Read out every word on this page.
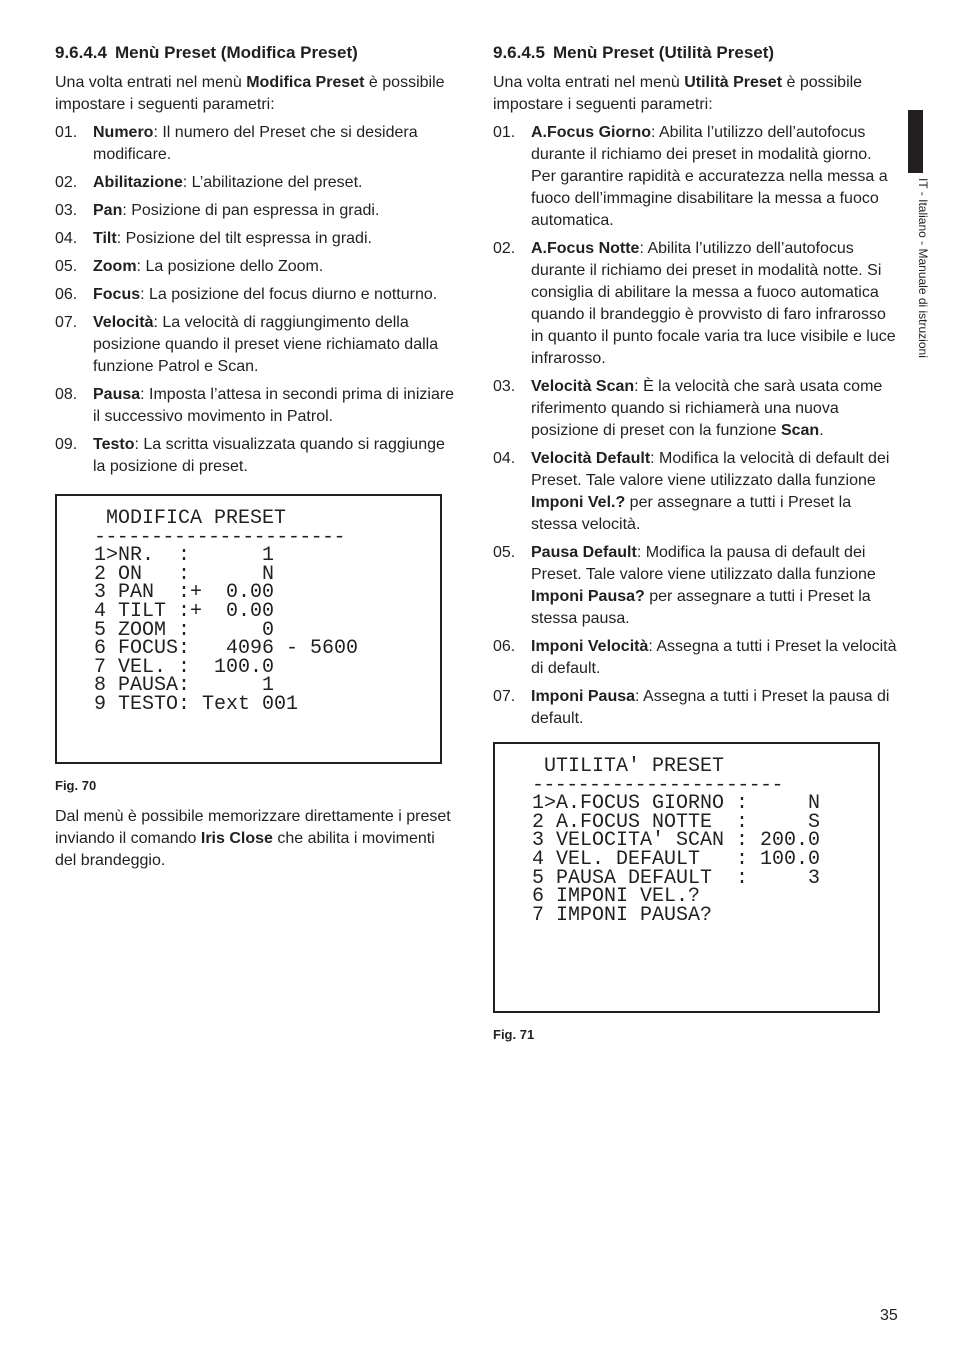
9.6.4.4 Menù Preset (Modifica Preset)

Una volta entrati nel menù Modifica Preset è possibile impostare i seguenti parametri:

01. Numero: Il numero del Preset che si desidera modificare.
02. Abilitazione: L’abilitazione del preset.
03. Pan: Posizione di pan espressa in gradi.
04. Tilt: Posizione del tilt espressa in gradi.
05. Zoom: La posizione dello Zoom.
06. Focus: La posizione del focus diurno e notturno.
07. Velocità: La velocità di raggiungimento della posizione quando il preset viene richiamato dalla funzione Patrol e Scan.
08. Pausa: Imposta l’attesa in secondi prima di iniziare il successivo movimento in Patrol.
09. Testo: La scritta visualizzata quando si raggiunge la posizione di preset.
MODIFICA PRESET
----------------------
1>NR.  :      1
2 ON   :      N
3 PAN  :+  0.00
4 TILT :+  0.00
5 ZOOM :      0
6 FOCUS:   4096 - 5600
7 VEL. :  100.0
8 PAUSA:      1
9 TESTO: Text 001
Fig. 70

Dal menù è possibile memorizzare direttamente i preset inviando il comando Iris Close che abilita i movimenti del brandeggio.

9.6.4.5 Menù Preset (Utilità Preset)

Una volta entrati nel menù Utilità Preset è possibile impostare i seguenti parametri:

01. A.Focus Giorno: Abilita l’utilizzo dell’autofocus durante il richiamo dei preset in modalità giorno. Per garantire rapidità e accuratezza nella messa a fuoco dell’immagine disabilitare la messa a fuoco automatica.
02. A.Focus Notte: Abilita l’utilizzo dell’autofocus durante il richiamo dei preset in modalità notte. Si consiglia di abilitare la messa a fuoco automatica quando il brandeggio è provvisto di faro infrarosso in quanto il punto focale varia tra luce visibile e luce infrarosso.
03. Velocità Scan: È la velocità che sarà usata come riferimento quando si richiamerà una nuova posizione di preset con la funzione Scan.
04. Velocità Default: Modifica la velocità di default dei Preset. Tale valore viene utilizzato dalla funzione Imponi Vel.? per assegnare a tutti i Preset la stessa velocità.
05. Pausa Default: Modifica la pausa di default dei Preset. Tale valore viene utilizzato dalla funzione Imponi Pausa? per assegnare a tutti i Preset la stessa pausa.
06. Imponi Velocità: Assegna a tutti i Preset la velocità di default.
07. Imponi Pausa: Assegna a tutti i Preset la pausa di default.
UTILITA' PRESET
----------------------
1>A.FOCUS GIORNO :     N
2 A.FOCUS NOTTE  :     S
3 VELOCITA' SCAN : 200.0
4 VEL. DEFAULT   : 100.0
5 PAUSA DEFAULT  :     3
6 IMPONI VEL.?
7 IMPONI PAUSA?
Fig. 71
IT - Italiano - Manuale di istruzioni
35
